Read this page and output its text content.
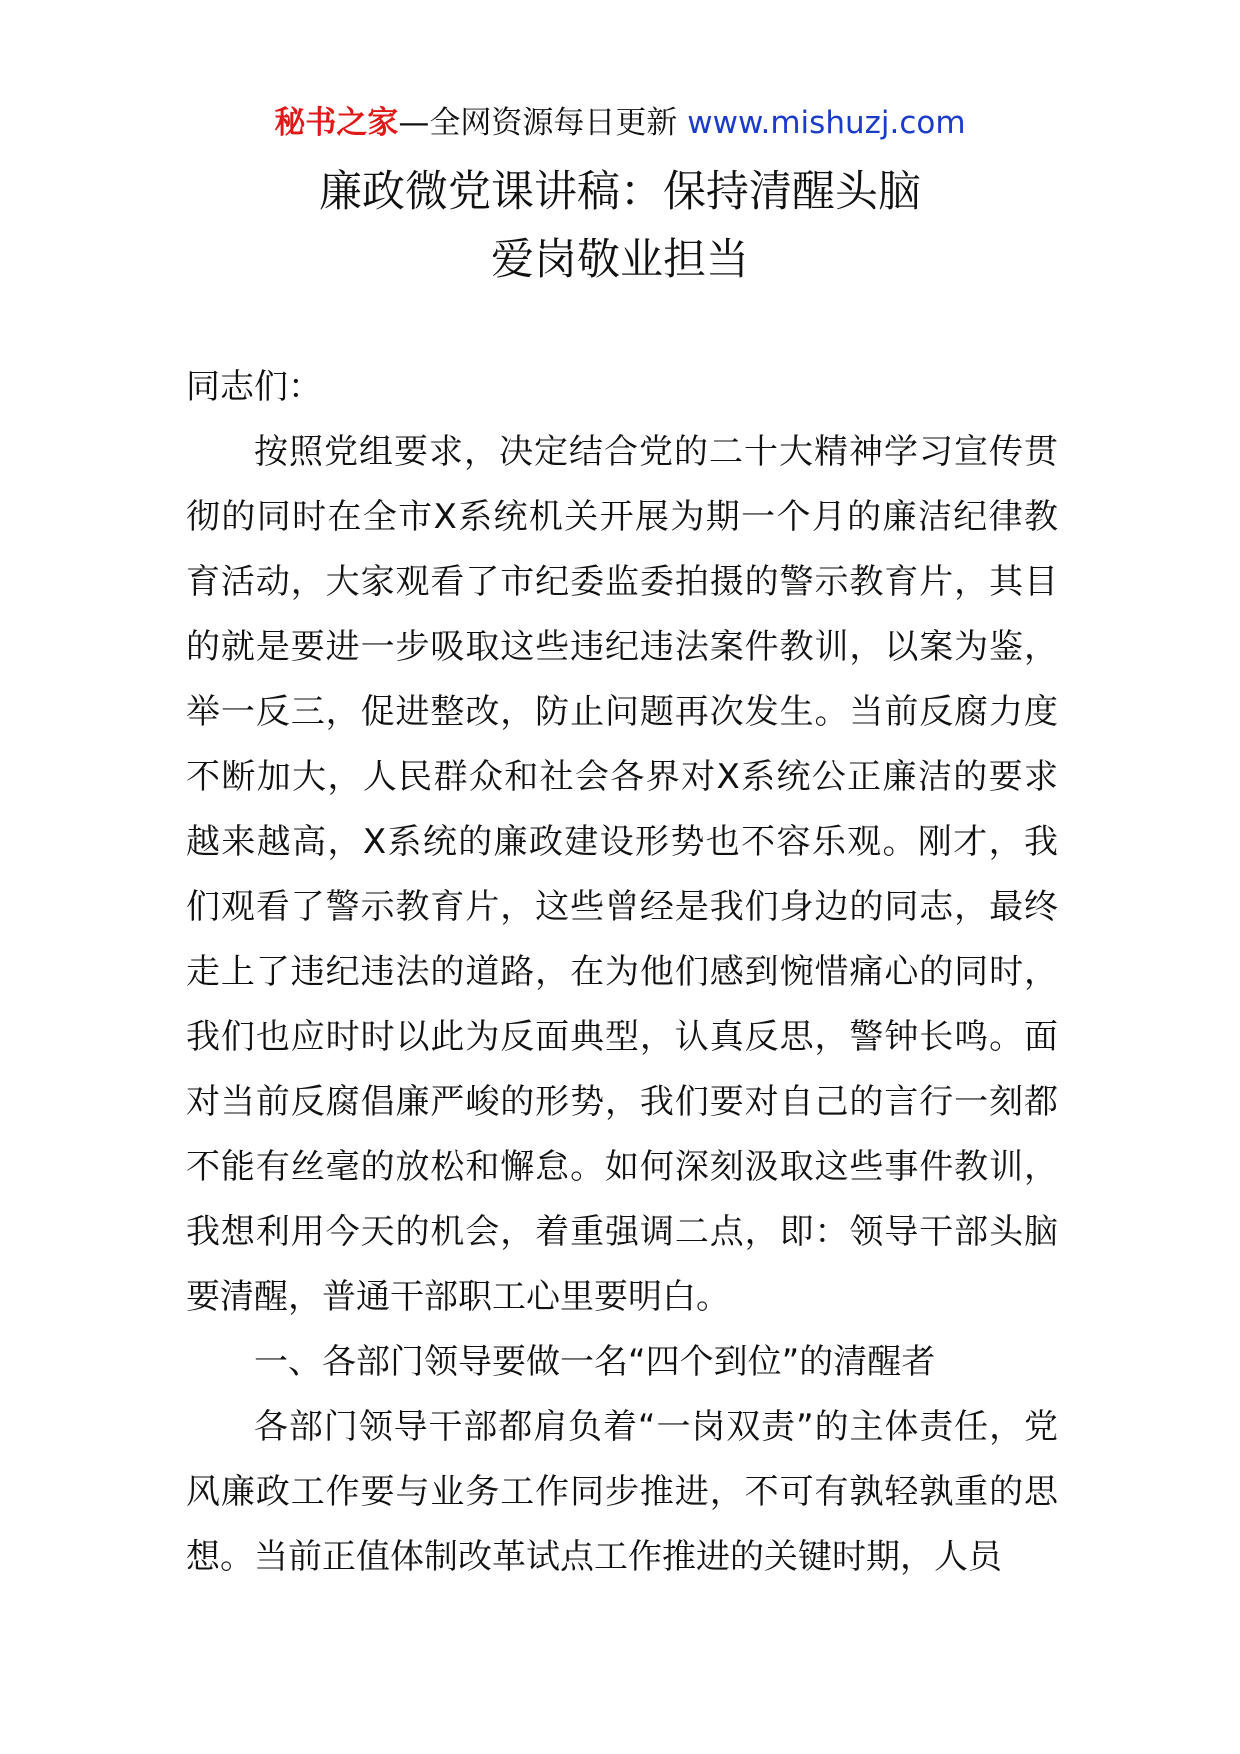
秘书之家—全网资源每日更新 www.mishuzj.com
廉政微党课讲稿：保持清醒头脑
爱岗敬业担当

同志们：

按照党组要求，决定结合党的二十大精神学习宣传贯彻的同时在全市X系统机关开展为期一个月的廉洁纪律教育活动，大家观看了市纪委监委拍摄的警示教育片，其目的就是要进一步吸取这些违纪违法案件教训，以案为鉴，举一反三，促进整改，防止问题再次发生。当前反腐力度不断加大，人民群众和社会各界对X系统公正廉洁的要求越来越高，X系统的廉政建设形势也不容乐观。刚才，我们观看了警示教育片，这些曾经是我们身边的同志，最终走上了违纪违法的道路，在为他们感到惋惜痛心的同时，我们也应时时以此为反面典型，认真反思，警钟长鸣。面对当前反腐倡廉严峻的形势，我们要对自己的言行一刻都不能有丝毫的放松和懈怠。如何深刻汲取这些事件教训，我想利用今天的机会，着重强调二点，即：领导干部头脑要清醒，普通干部职工心里要明白。

一、各部门领导要做一名“四个到位”的清醒者

各部门领导干部都肩负着“一岗双责”的主体责任，党风廉政工作要与业务工作同步推进，不可有孰轻孰重的思想。当前正值体制改革试点工作推进的关键时期，人员
